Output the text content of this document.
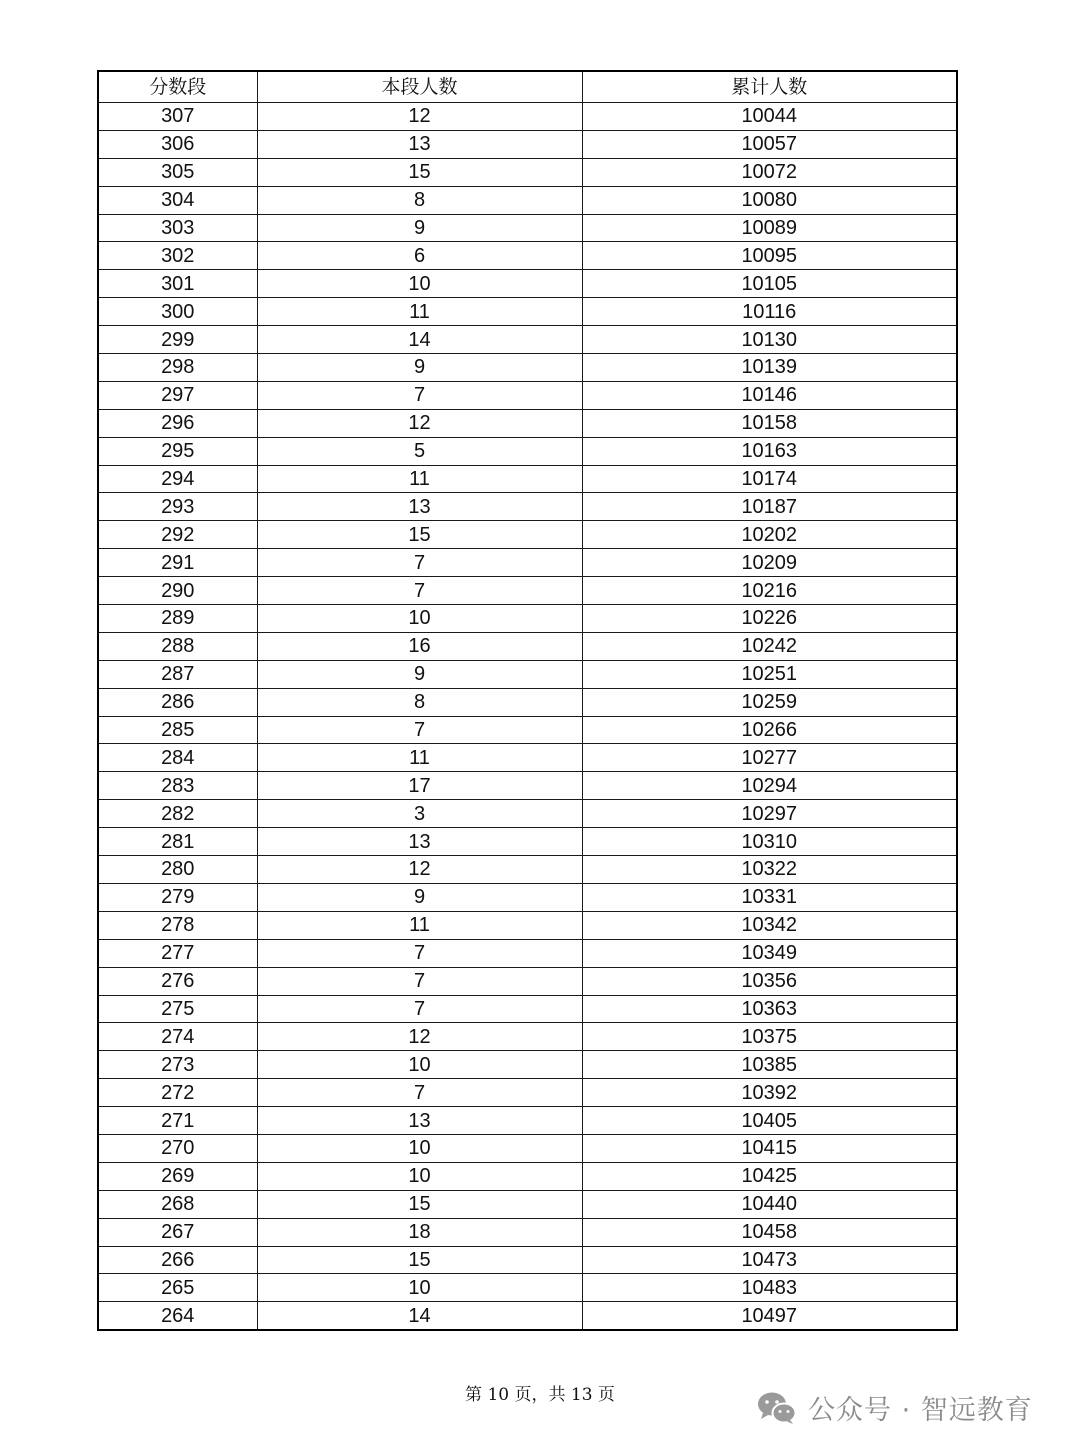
分数段	本段人数	累计人数
307	12	10044
306	13	10057
305	15	10072
304	8	10080
303	9	10089
302	6	10095
301	10	10105
300	11	10116
299	14	10130
298	9	10139
297	7	10146
296	12	10158
295	5	10163
294	11	10174
293	13	10187
292	15	10202
291	7	10209
290	7	10216
289	10	10226
288	16	10242
287	9	10251
286	8	10259
285	7	10266
284	11	10277
283	17	10294
282	3	10297
281	13	10310
280	12	10322
279	9	10331
278	11	10342
277	7	10349
276	7	10356
275	7	10363
274	12	10375
273	10	10385
272	7	10392
271	13	10405
270	10	10415
269	10	10425
268	15	10440
267	18	10458
266	15	10473
265	10	10483
264	14	10497
第 10 页，共 13 页	公众号 · 智远教育
